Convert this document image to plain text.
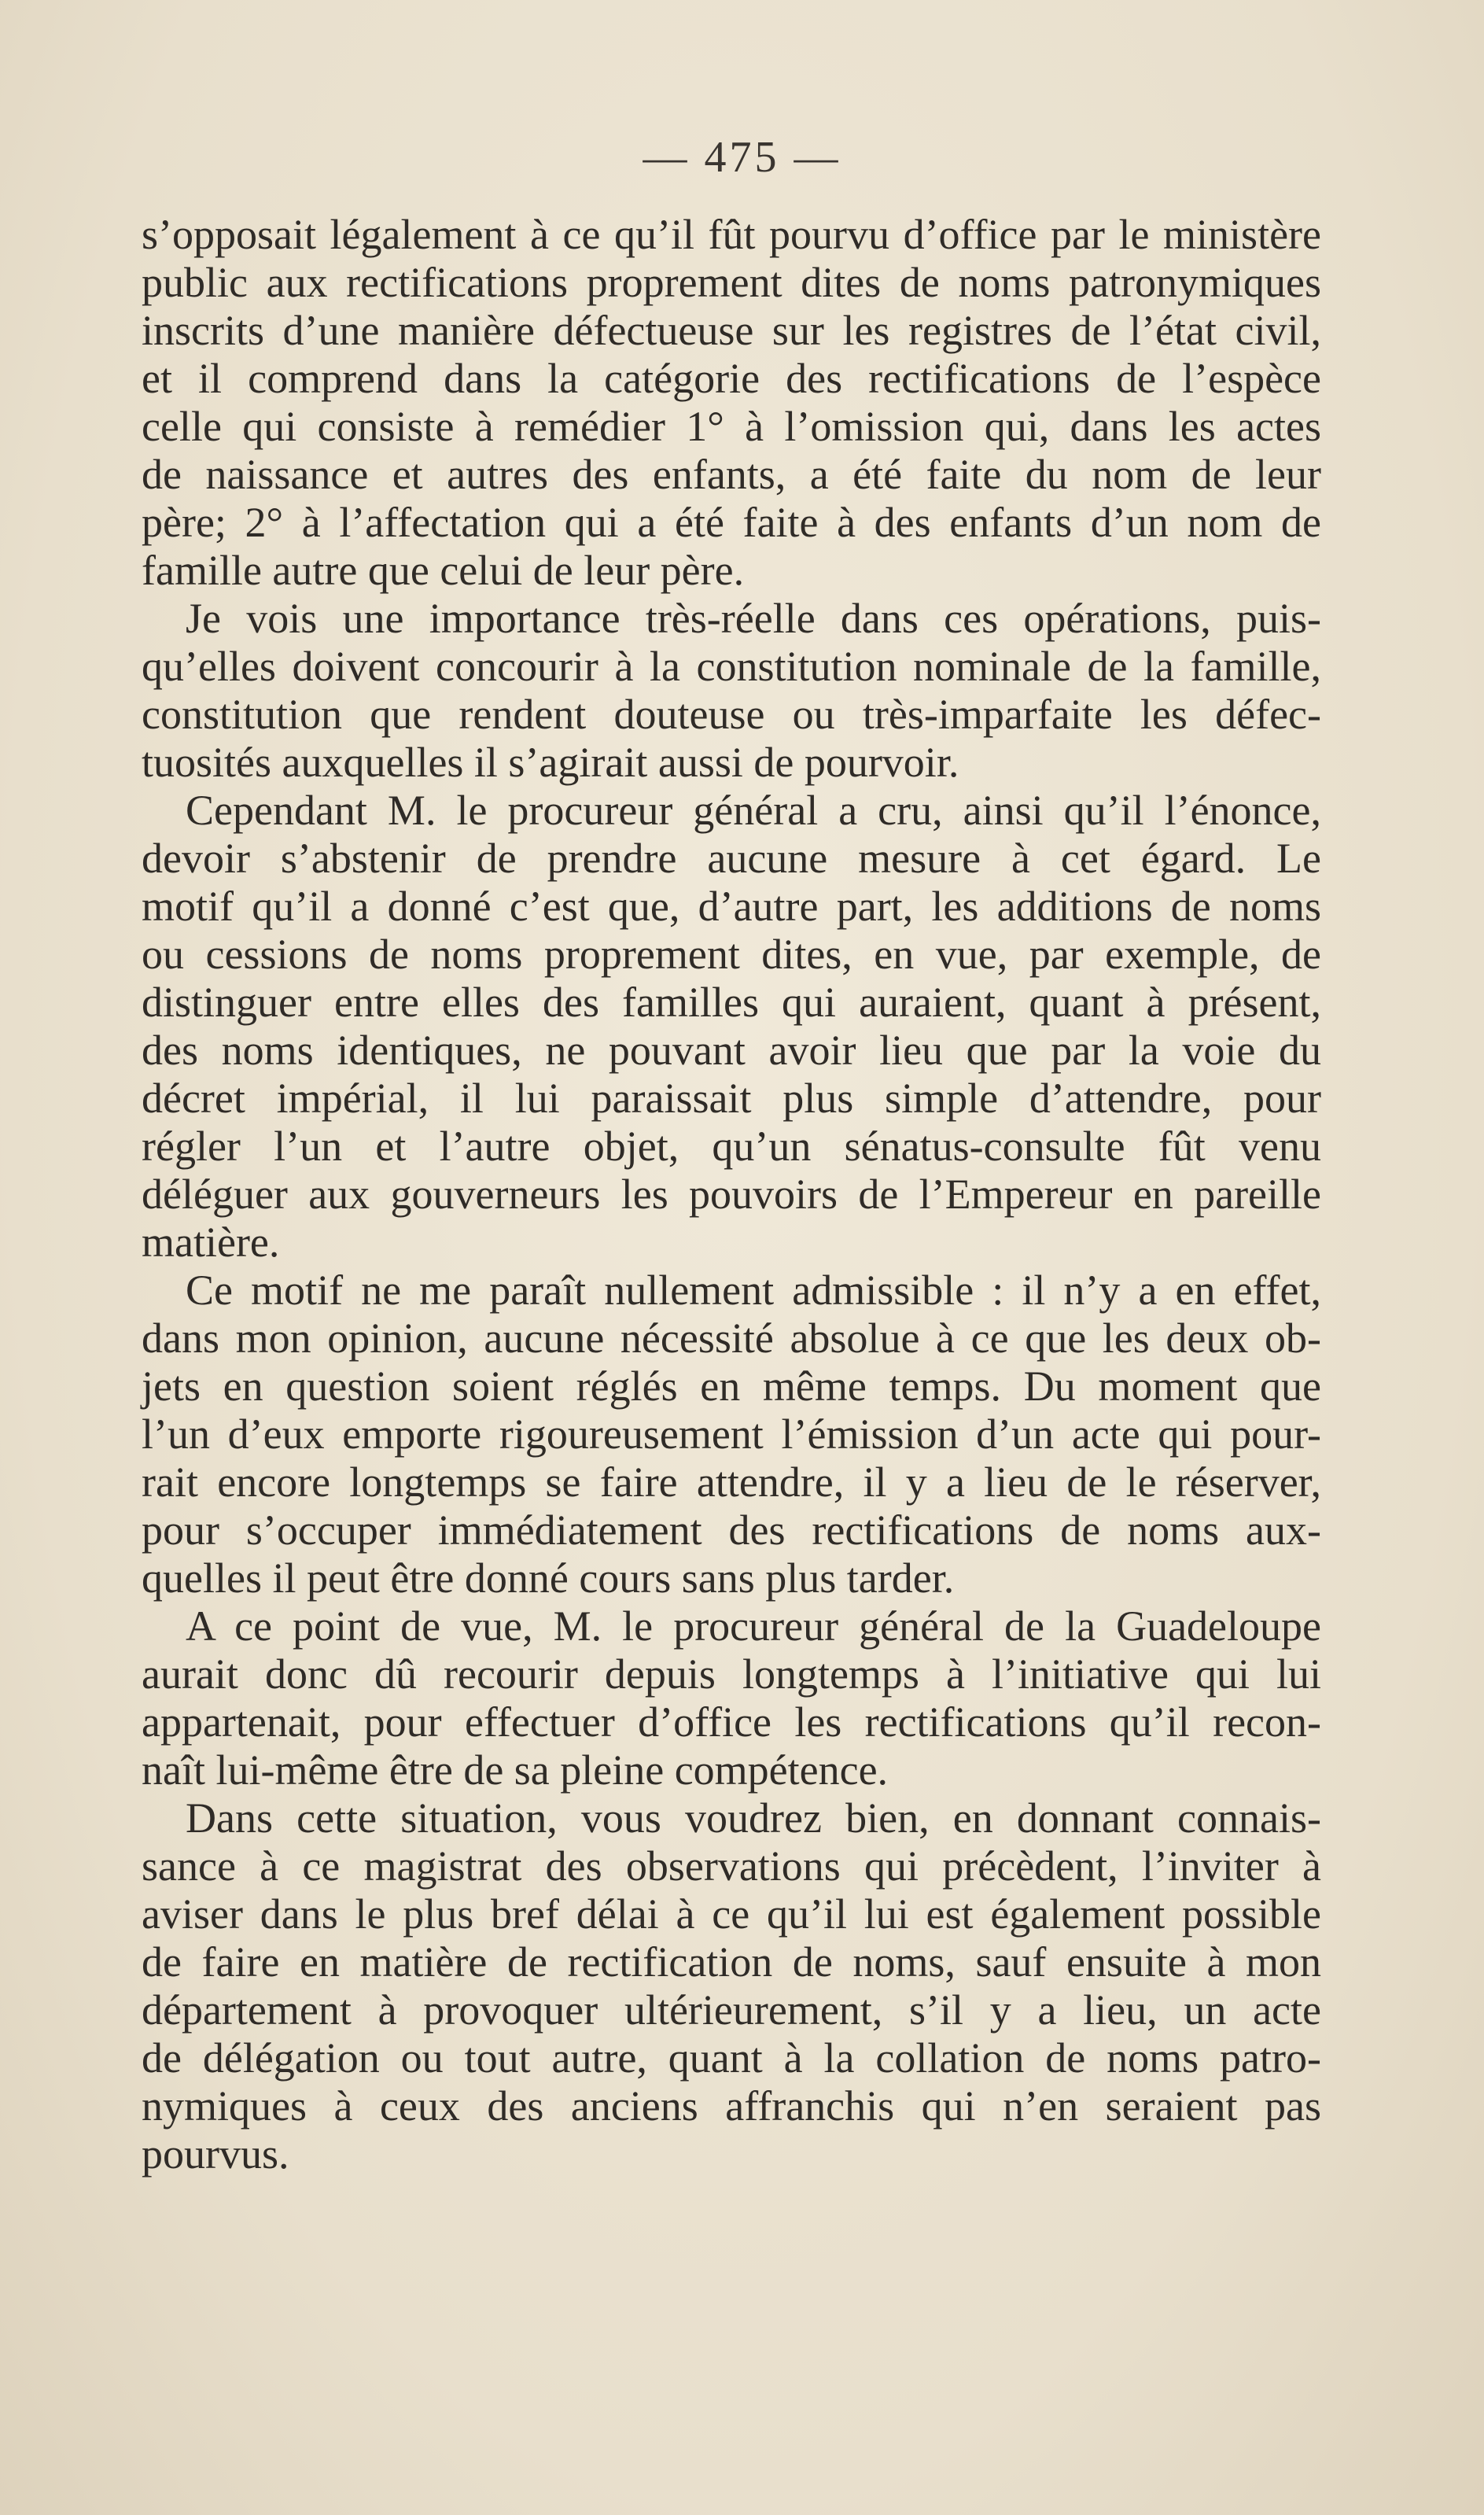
— 475 —
s’opposait légalement à ce qu’il fût pourvu d’office par le ministère
public aux rectifications proprement dites de noms patronymiques
inscrits d’une manière défectueuse sur les registres de l’état civil,
et il comprend dans la catégorie des rectifications de l’espèce
celle qui consiste à remédier 1° à l’omission qui, dans les actes
de naissance et autres des enfants, a été faite du nom de leur
père; 2° à l’affectation qui a été faite à des enfants d’un nom de
famille autre que celui de leur père.
Je vois une importance très-réelle dans ces opérations, puis-
qu’elles doivent concourir à la constitution nominale de la famille,
constitution que rendent douteuse ou très-imparfaite les défec-
tuosités auxquelles il s’agirait aussi de pourvoir.
Cependant M. le procureur général a cru, ainsi qu’il l’énonce,
devoir s’abstenir de prendre aucune mesure à cet égard. Le
motif qu’il a donné c’est que, d’autre part, les additions de noms
ou cessions de noms proprement dites, en vue, par exemple, de
distinguer entre elles des familles qui auraient, quant à présent,
des noms identiques, ne pouvant avoir lieu que par la voie du
décret impérial, il lui paraissait plus simple d’attendre, pour
régler l’un et l’autre objet, qu’un sénatus-consulte fût venu
déléguer aux gouverneurs les pouvoirs de l’Empereur en pareille
matière.
Ce motif ne me paraît nullement admissible : il n’y a en effet,
dans mon opinion, aucune nécessité absolue à ce que les deux ob-
jets en question soient réglés en même temps. Du moment que
l’un d’eux emporte rigoureusement l’émission d’un acte qui pour-
rait encore longtemps se faire attendre, il y a lieu de le réserver,
pour s’occuper immédiatement des rectifications de noms aux-
quelles il peut être donné cours sans plus tarder.
A ce point de vue, M. le procureur général de la Guadeloupe
aurait donc dû recourir depuis longtemps à l’initiative qui lui
appartenait, pour effectuer d’office les rectifications qu’il recon-
naît lui-même être de sa pleine compétence.
Dans cette situation, vous voudrez bien, en donnant connais-
sance à ce magistrat des observations qui précèdent, l’inviter à
aviser dans le plus bref délai à ce qu’il lui est également possible
de faire en matière de rectification de noms, sauf ensuite à mon
département à provoquer ultérieurement, s’il y a lieu, un acte
de délégation ou tout autre, quant à la collation de noms patro-
nymiques à ceux des anciens affranchis qui n’en seraient pas
pourvus.
